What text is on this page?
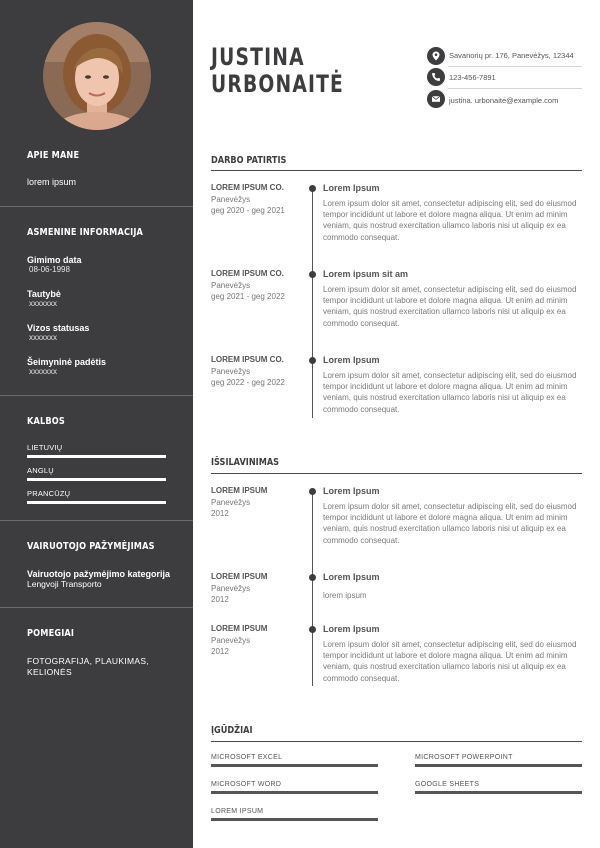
APIE MANE
lorem ipsum
ASMENINĖ INFORMACIJA
Gimimo data
08-06-1998
Tautybė
xxxxxxx
Vizos statusas
xxxxxxx
Šeimyninė padėtis
xxxxxxx
KALBOS
LIETUVIŲ
ANGLŲ
PRANCŪZŲ
VAIRUOTOJO PAŽYMĖJIMAS
Vairuotojo pažymėjimo kategorija
Lengvoji Transporto
POMĖGIAI
FOTOGRAFIJA, PLAUKIMAS,
KELIONĖS
JUSTINA
URBONAITĖ
Savanorių pr. 176, Panevėžys, 12344
123-456-7891
justina. urbonaitė@example.com
DARBO PATIRTIS
LOREM IPSUM CO.
Panevėžys
geg 2020 - geg 2021
Lorem Ipsum
Lorem ipsum dolor sit amet, consectetur adipiscing elit, sed do eiusmod tempor incididunt ut labore et dolore magna aliqua. Ut enim ad minim veniam, quis nostrud exercitation ullamco laboris nisi ut aliquip ex ea commodo consequat.
LOREM IPSUM CO.
Panevėžys
geg 2021 - geg 2022
Lorem ipsum sit am
Lorem ipsum dolor sit amet, consectetur adipiscing elit, sed do eiusmod tempor incididunt ut labore et dolore magna aliqua. Ut enim ad minim veniam, quis nostrud exercitation ullamco laboris nisi ut aliquip ex ea commodo consequat.
LOREM IPSUM CO.
Panevėžys
geg 2022 - geg 2022
Lorem Ipsum
Lorem ipsum dolor sit amet, consectetur adipiscing elit, sed do eiusmod tempor incididunt ut labore et dolore magna aliqua. Ut enim ad minim veniam, quis nostrud exercitation ullamco laboris nisi ut aliquip ex ea commodo consequat.
IŠSILAVINIMAS
LOREM IPSUM
Panevėžys
2012
Lorem Ipsum
Lorem ipsum dolor sit amet, consectetur adipiscing elit, sed do eiusmod tempor incididunt ut labore et dolore magna aliqua. Ut enim ad minim veniam, quis nostrud exercitation ullamco laboris nisi ut aliquip ex ea commodo consequat.
LOREM IPSUM
Panevėžys
2012
Lorem Ipsum
lorem ipsum
LOREM IPSUM
Panevėžys
2012
Lorem Ipsum
Lorem ipsum dolor sit amet, consectetur adipiscing elit, sed do eiusmod tempor incididunt ut labore et dolore magna aliqua. Ut enim ad minim veniam, quis nostrud exercitation ullamco laboris nisi ut aliquip ex ea commodo consequat.
ĮGŪDŽIAI
MICROSOFT EXCEL	MICROSOFT POWERPOINT
MICROSOFT WORD	GOOGLE SHEETS
LOREM IPSUM
